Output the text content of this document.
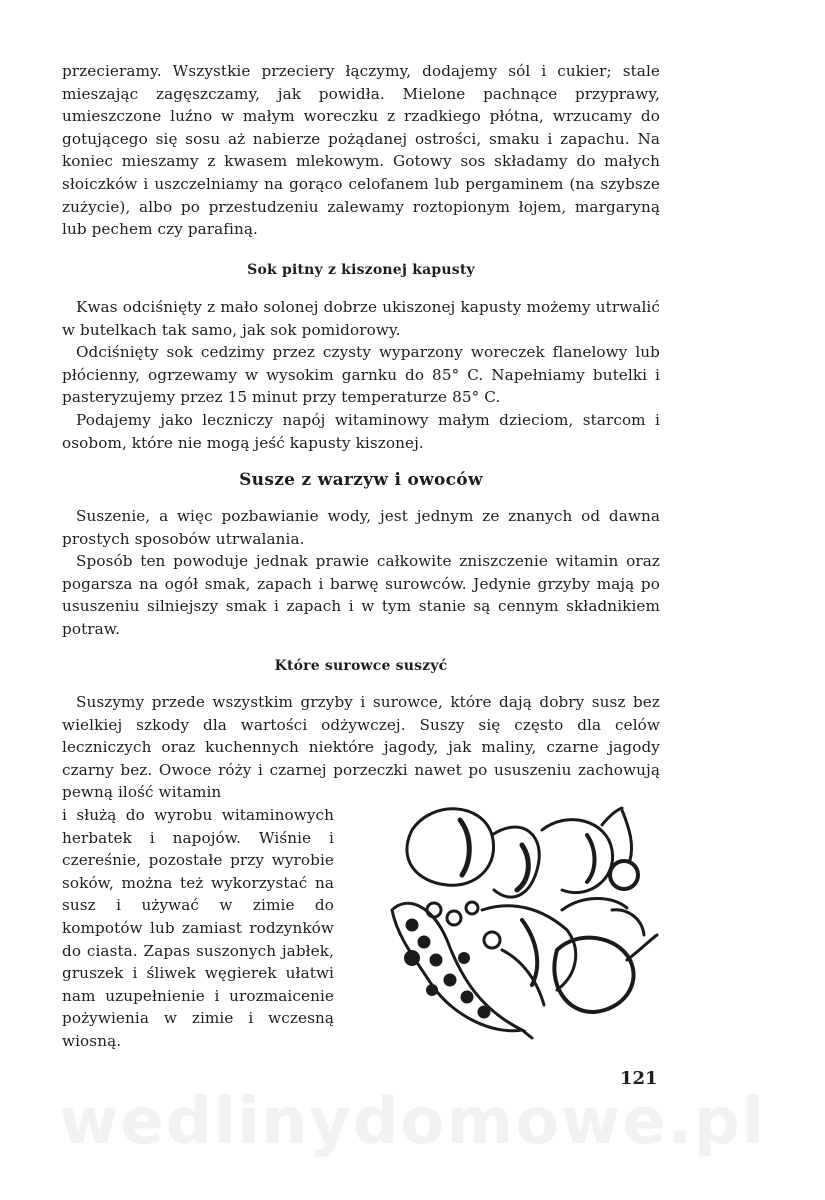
przecieramy. Wszystkie przeciery łączymy, dodajemy sól i cukier; stale mieszając zagęszczamy, jak powidła. Mielone pachnące przyprawy, umieszczone luźno w małym woreczku z rzadkiego płótna, wrzucamy do gotującego się sosu aż nabierze pożądanej ostrości, smaku i zapachu. Na koniec mieszamy z kwasem mlekowym. Gotowy sos składamy do małych słoiczków i uszczelniamy na gorąco celofanem lub pergaminem (na szybsze zużycie), albo po przestudzeniu zalewamy roztopionym łojem, margaryną lub pechem czy parafiną.

Sok pitny z kiszonej kapusty

Kwas odciśnięty z mało solonej dobrze ukiszonej kapusty możemy utrwalić w butelkach tak samo, jak sok pomidorowy.

Odciśnięty sok cedzimy przez czysty wyparzony woreczek flanelowy lub płócienny, ogrzewamy w wysokim garnku do 85° C. Napełniamy butelki i pasteryzujemy przez 15 minut przy temperaturze 85° C.

Podajemy jako leczniczy napój witaminowy małym dzieciom, starcom i osobom, które nie mogą jeść kapusty kiszonej.

Susze z warzyw i owoców

Suszenie, a więc pozbawianie wody, jest jednym ze znanych od dawna prostych sposobów utrwalania.

Sposób ten powoduje jednak prawie całkowite zniszczenie witamin oraz pogarsza na ogół smak, zapach i barwę surowców. Jedynie grzyby mają po ususzeniu silniejszy smak i zapach i w tym stanie są cennym składnikiem potraw.

Które surowce suszyć

Suszymy przede wszystkim grzyby i surowce, które dają dobry susz bez wielkiej szkody dla wartości odżywczej. Suszy się często dla celów leczniczych oraz kuchennych niektóre jagody, jak maliny, czarne jagody czarny bez. Owoce róży i czarnej porzeczki nawet po ususzeniu zachowują pewną ilość witamin

i służą do wyrobu witaminowych herbatek i napojów. Wiśnie i czereśnie, pozostałe przy wyrobie soków, można też wykorzystać na susz i używać w zimie do kompotów lub zamiast rodzynków do ciasta. Zapas suszonych jabłek, gruszek i śliwek węgierek ułatwi nam uzupełnienie i urozmaicenie pożywienia w zimie i wczesną wiosną.

121

wedlinydomowe.pl
